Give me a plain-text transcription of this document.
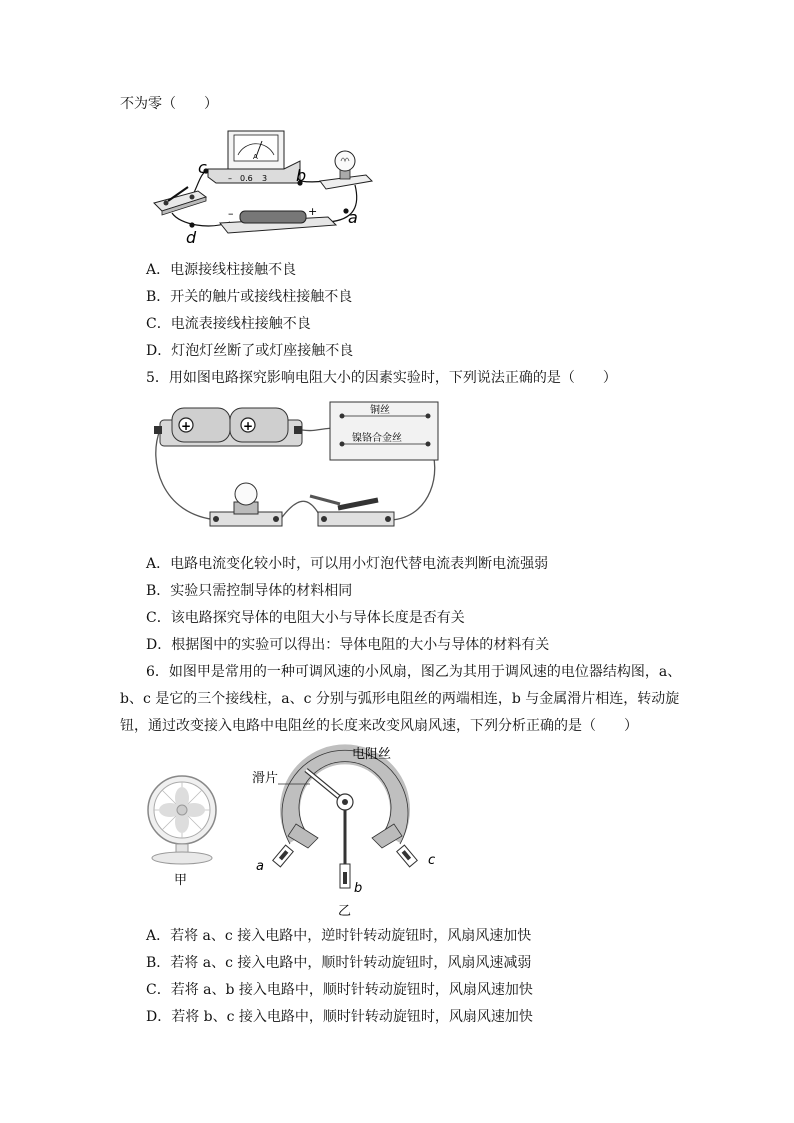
不为零（　　）
A
– 0.6 3
–	+
c	b
a
d
A．电源接线柱接触不良
B．开关的触片或接线柱接触不良
C．电流表接线柱接触不良
D．灯泡灯丝断了或灯座接触不良
5．用如图电路探究影响电阻大小的因素实验时，下列说法正确的是（　　）
+	+
铜丝
镍铬合金丝
A．电路电流变化较小时，可以用小灯泡代替电流表判断电流强弱
B．实验只需控制导体的材料相同
C．该电路探究导体的电阻大小与导体长度是否有关
D．根据图中的实验可以得出：导体电阻的大小与导体的材料有关
6．如图甲是常用的一种可调风速的小风扇，图乙为其用于调风速的电位器结构图，a、
b、c 是它的三个接线柱，a、c 分别与弧形电阻丝的两端相连，b 与金属滑片相连，转动旋
钮，通过改变接入电路中电阻丝的长度来改变风扇风速，下列分析正确的是（　　）
甲
电阻丝
滑片
a
b
c
乙
A．若将 a、c 接入电路中，逆时针转动旋钮时，风扇风速加快
B．若将 a、c 接入电路中，顺时针转动旋钮时，风扇风速减弱
C．若将 a、b 接入电路中，顺时针转动旋钮时，风扇风速加快
D．若将 b、c 接入电路中，顺时针转动旋钮时，风扇风速加快
